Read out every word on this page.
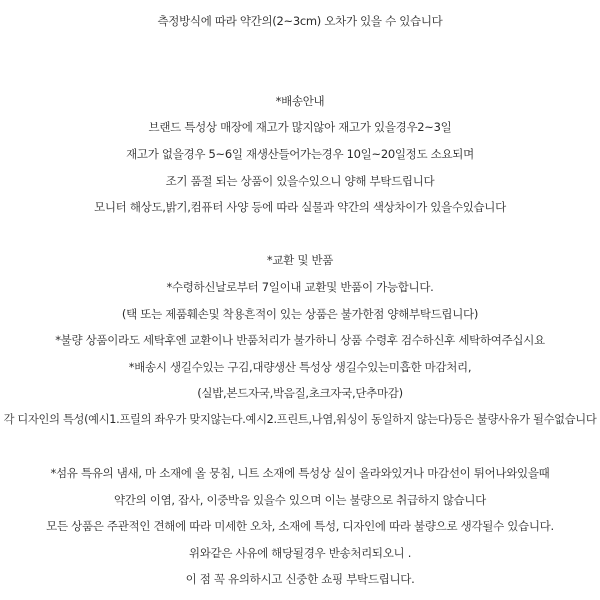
측정방식에 따라 약간의(2~3cm) 오차가 있을 수 있습니다
*배송안내
브랜드 특성상 매장에 재고가 많지않아 재고가 있을경우2~3일
재고가 없을경우 5~6일 재생산들어가는경우 10일~20일정도 소요되며
조기 품절 되는 상품이 있을수있으니 양해 부탁드립니다
모니터 해상도,밝기,컴퓨터 사양 등에 따라 실물과 약간의 색상차이가 있을수있습니다
*교환 및 반품
*수령하신날로부터 7일이내 교환및 반품이 가능합니다.
(택 또는 제품훼손및 착용흔적이 있는 상품은 불가한점 양해부탁드립니다)
*불량 상품이라도 세탁후엔 교환이나 반품처리가 불가하니 상품 수령후 검수하신후 세탁하여주십시요
*배송시 생길수있는 구김,대량생산 특성상 생길수있는미흡한 마감처리,
(실밥,본드자국,박음질,초크자국,단추마감)
각 디자인의 특성(예시1.프릴의 좌우가 맞지않는다.예시2.프린트,나염,워싱이 동일하지 않는다)등은 불량사유가 될수없습니다
*섬유 특유의 냄새, 마 소재에 올 뭉침, 니트 소재에 특성상 실이 올라와있거나 마감선이 튀어나와있을때
약간의 이염, 잡사, 이중박음 있을수 있으며 이는 불량으로 취급하지 않습니다
모든 상품은 주관적인 견해에 따라 미세한 오차, 소재에 특성, 디자인에 따라 불량으로 생각될수 있습니다.
위와같은 사유에 해당될경우 반송처리되오니 .
이 점 꼭 유의하시고 신중한 쇼핑 부탁드립니다.
